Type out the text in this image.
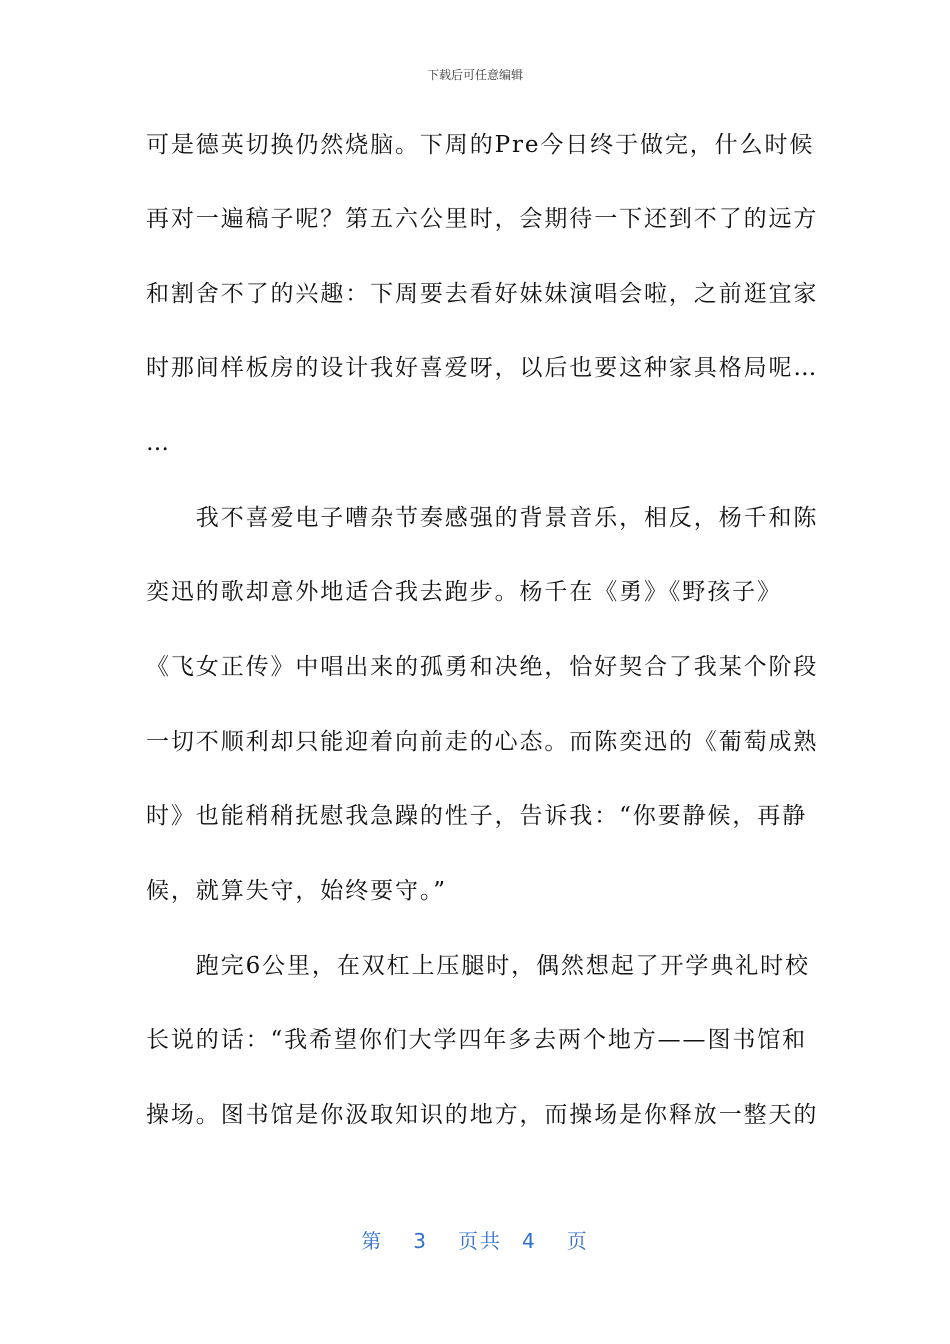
下载后可任意编辑
可是德英切换仍然烧脑。下周的Pre今日终于做完，什么时候
再对一遍稿子呢？第五六公里时，会期待一下还到不了的远方
和割舍不了的兴趣：下周要去看好妹妹演唱会啦，之前逛宜家
时那间样板房的设计我好喜爱呀，以后也要这种家具格局呢…
…
　　我不喜爱电子嘈杂节奏感强的背景音乐，相反，杨千和陈
奕迅的歌却意外地适合我去跑步。杨千在《勇》《野孩子》
《飞女正传》中唱出来的孤勇和决绝，恰好契合了我某个阶段
一切不顺利却只能迎着向前走的心态。而陈奕迅的《葡萄成熟
时》也能稍稍抚慰我急躁的性子，告诉我：“你要静候，再静
候，就算失守，始终要守。”
　　跑完6公里，在双杠上压腿时，偶然想起了开学典礼时校
长说的话：“我希望你们大学四年多去两个地方——图书馆和
操场。图书馆是你汲取知识的地方，而操场是你释放一整天的
第 3 页共 4 页
